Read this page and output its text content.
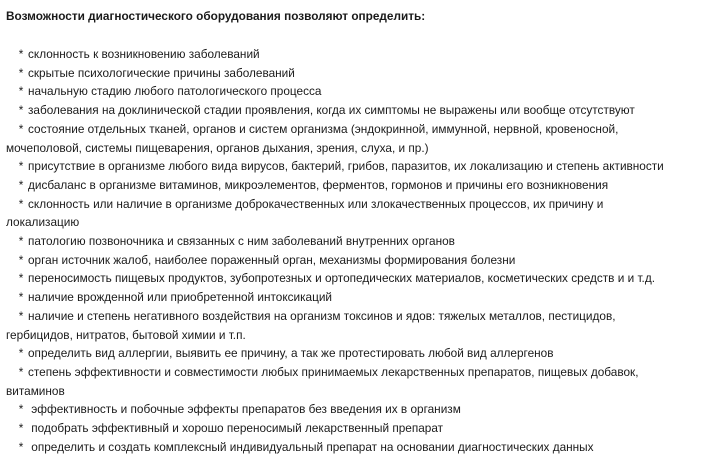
Возможности диагностического оборудования позволяют определить:
* склонность к возникновению заболеваний
* скрытые психологические причины заболеваний
* начальную стадию любого патологического процесса
* заболевания на доклинической стадии проявления, когда их симптомы не выражены или вообще отсутствуют
* состояние отдельных тканей, органов и систем организма (эндокринной, иммунной, нервной, кровеносной,
мочеполовой, системы пищеварения, органов дыхания, зрения, слуха, и пр.)
* присутствие в организме любого вида вирусов, бактерий, грибов, паразитов, их локализацию и степень активности
* дисбаланс в организме витаминов, микроэлементов, ферментов, гормонов и причины его возникновения
* склонность или наличие в организме доброкачественных или злокачественных процессов, их причину и
локализацию
* патологию позвоночника и связанных с ним заболеваний внутренних органов
* орган источник жалоб, наиболее пораженный орган, механизмы формирования болезни
* переносимость пищевых продуктов, зубопротезных и ортопедических материалов, косметических средств и и т.д.
* наличие врожденной или приобретенной интоксикаций
* наличие и степень негативного воздействия на организм токсинов и ядов: тяжелых металлов, пестицидов,
гербицидов, нитратов, бытовой химии и т.п.
* определить вид аллергии, выявить ее причину, а так же протестировать любой вид аллергенов
* степень эффективности и совместимости любых принимаемых лекарственных препаратов, пищевых добавок,
витаминов
* эффективность и побочные эффекты препаратов без введения их в организм
* подобрать эффективный и хорошо переносимый лекарственный препарат
* определить и создать комплексный индивидуальный препарат на основании диагностических данных
